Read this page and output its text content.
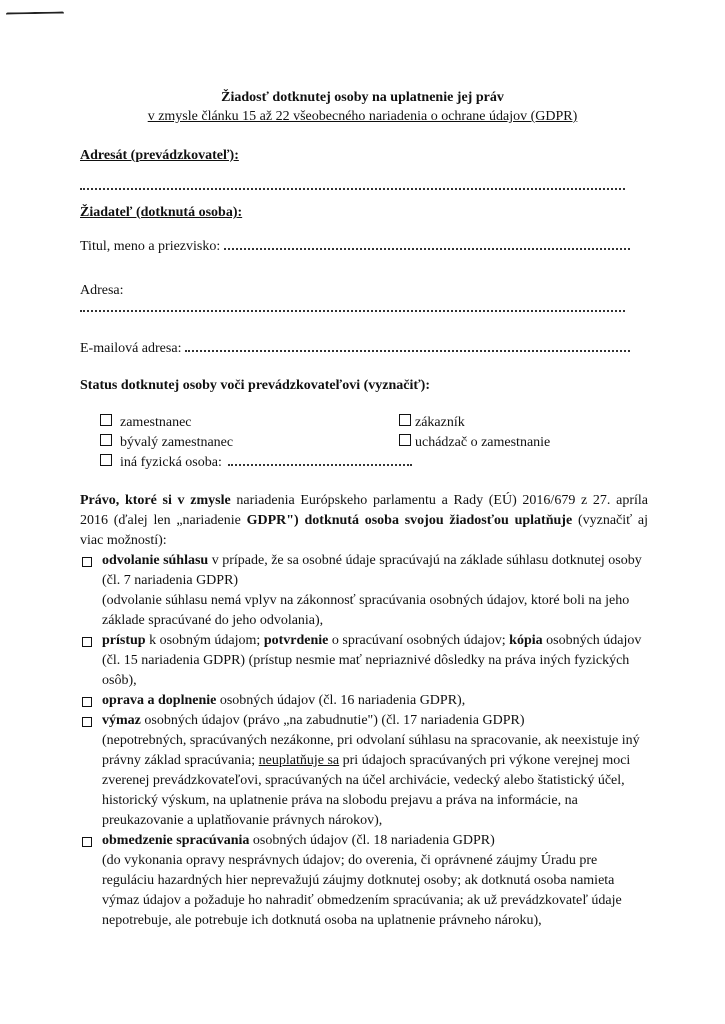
Žiadosť dotknutej osoby na uplatnenie jej práv
v zmysle článku 15 až 22 všeobecného nariadenia o ochrane údajov (GDPR)
Adresát (prevádzkovateľ):
Žiadateľ (dotknutá osoba):
Titul, meno a priezvisko:
Adresa:
E-mailová adresa:
Status dotknutej osoby voči prevádzkovateľovi (vyznačiť):
zamestnanec
bývalý zamestnanec
iná fyzická osoba:
zákazník
uchádzač o zamestnanie
Právo, ktoré si v zmysle nariadenia Európskeho parlamentu a Rady (EÚ) 2016/679 z 27. apríla 2016 (ďalej len „nariadenie GDPR") dotknutá osoba svojou žiadosťou uplatňuje (vyznačiť aj viac možností):
odvolanie súhlasu v prípade, že sa osobné údaje spracúvajú na základe súhlasu dotknutej osoby (čl. 7 nariadenia GDPR)
(odvolanie súhlasu nemá vplyv na zákonnosť spracúvania osobných údajov, ktoré boli na jeho základe spracúvané do jeho odvolania),
prístup k osobným údajom; potvrdenie o spracúvaní osobných údajov; kópia osobných údajov (čl. 15 nariadenia GDPR) (prístup nesmie mať nepriaznivé dôsledky na práva iných fyzických osôb),
oprava a doplnenie osobných údajov (čl. 16 nariadenia GDPR),
výmaz osobných údajov (právo „na zabudnutie") (čl. 17 nariadenia GDPR)
(nepotrebných, spracúvaných nezákonne, pri odvolaní súhlasu na spracovanie, ak neexistuje iný právny základ spracúvania; neuplatňuje sa pri údajoch spracúvaných pri výkone verejnej moci zverenej prevádzkovateľovi, spracúvaných na účel archivácie, vedecký alebo štatistický účel, historický výskum, na uplatnenie práva na slobodu prejavu a práva na informácie, na preukazovanie a uplatňovanie právnych nárokov),
obmedzenie spracúvania osobných údajov (čl. 18 nariadenia GDPR)
(do vykonania opravy nesprávnych údajov; do overenia, či oprávnené záujmy Úradu pre reguláciu hazardných hier neprevažujú záujmy dotknutej osoby; ak dotknutá osoba namieta výmaz údajov a požaduje ho nahradiť obmedzením spracúvania; ak už prevádzkovateľ údaje nepotrebuje, ale potrebuje ich dotknutá osoba na uplatnenie právneho nároku),
